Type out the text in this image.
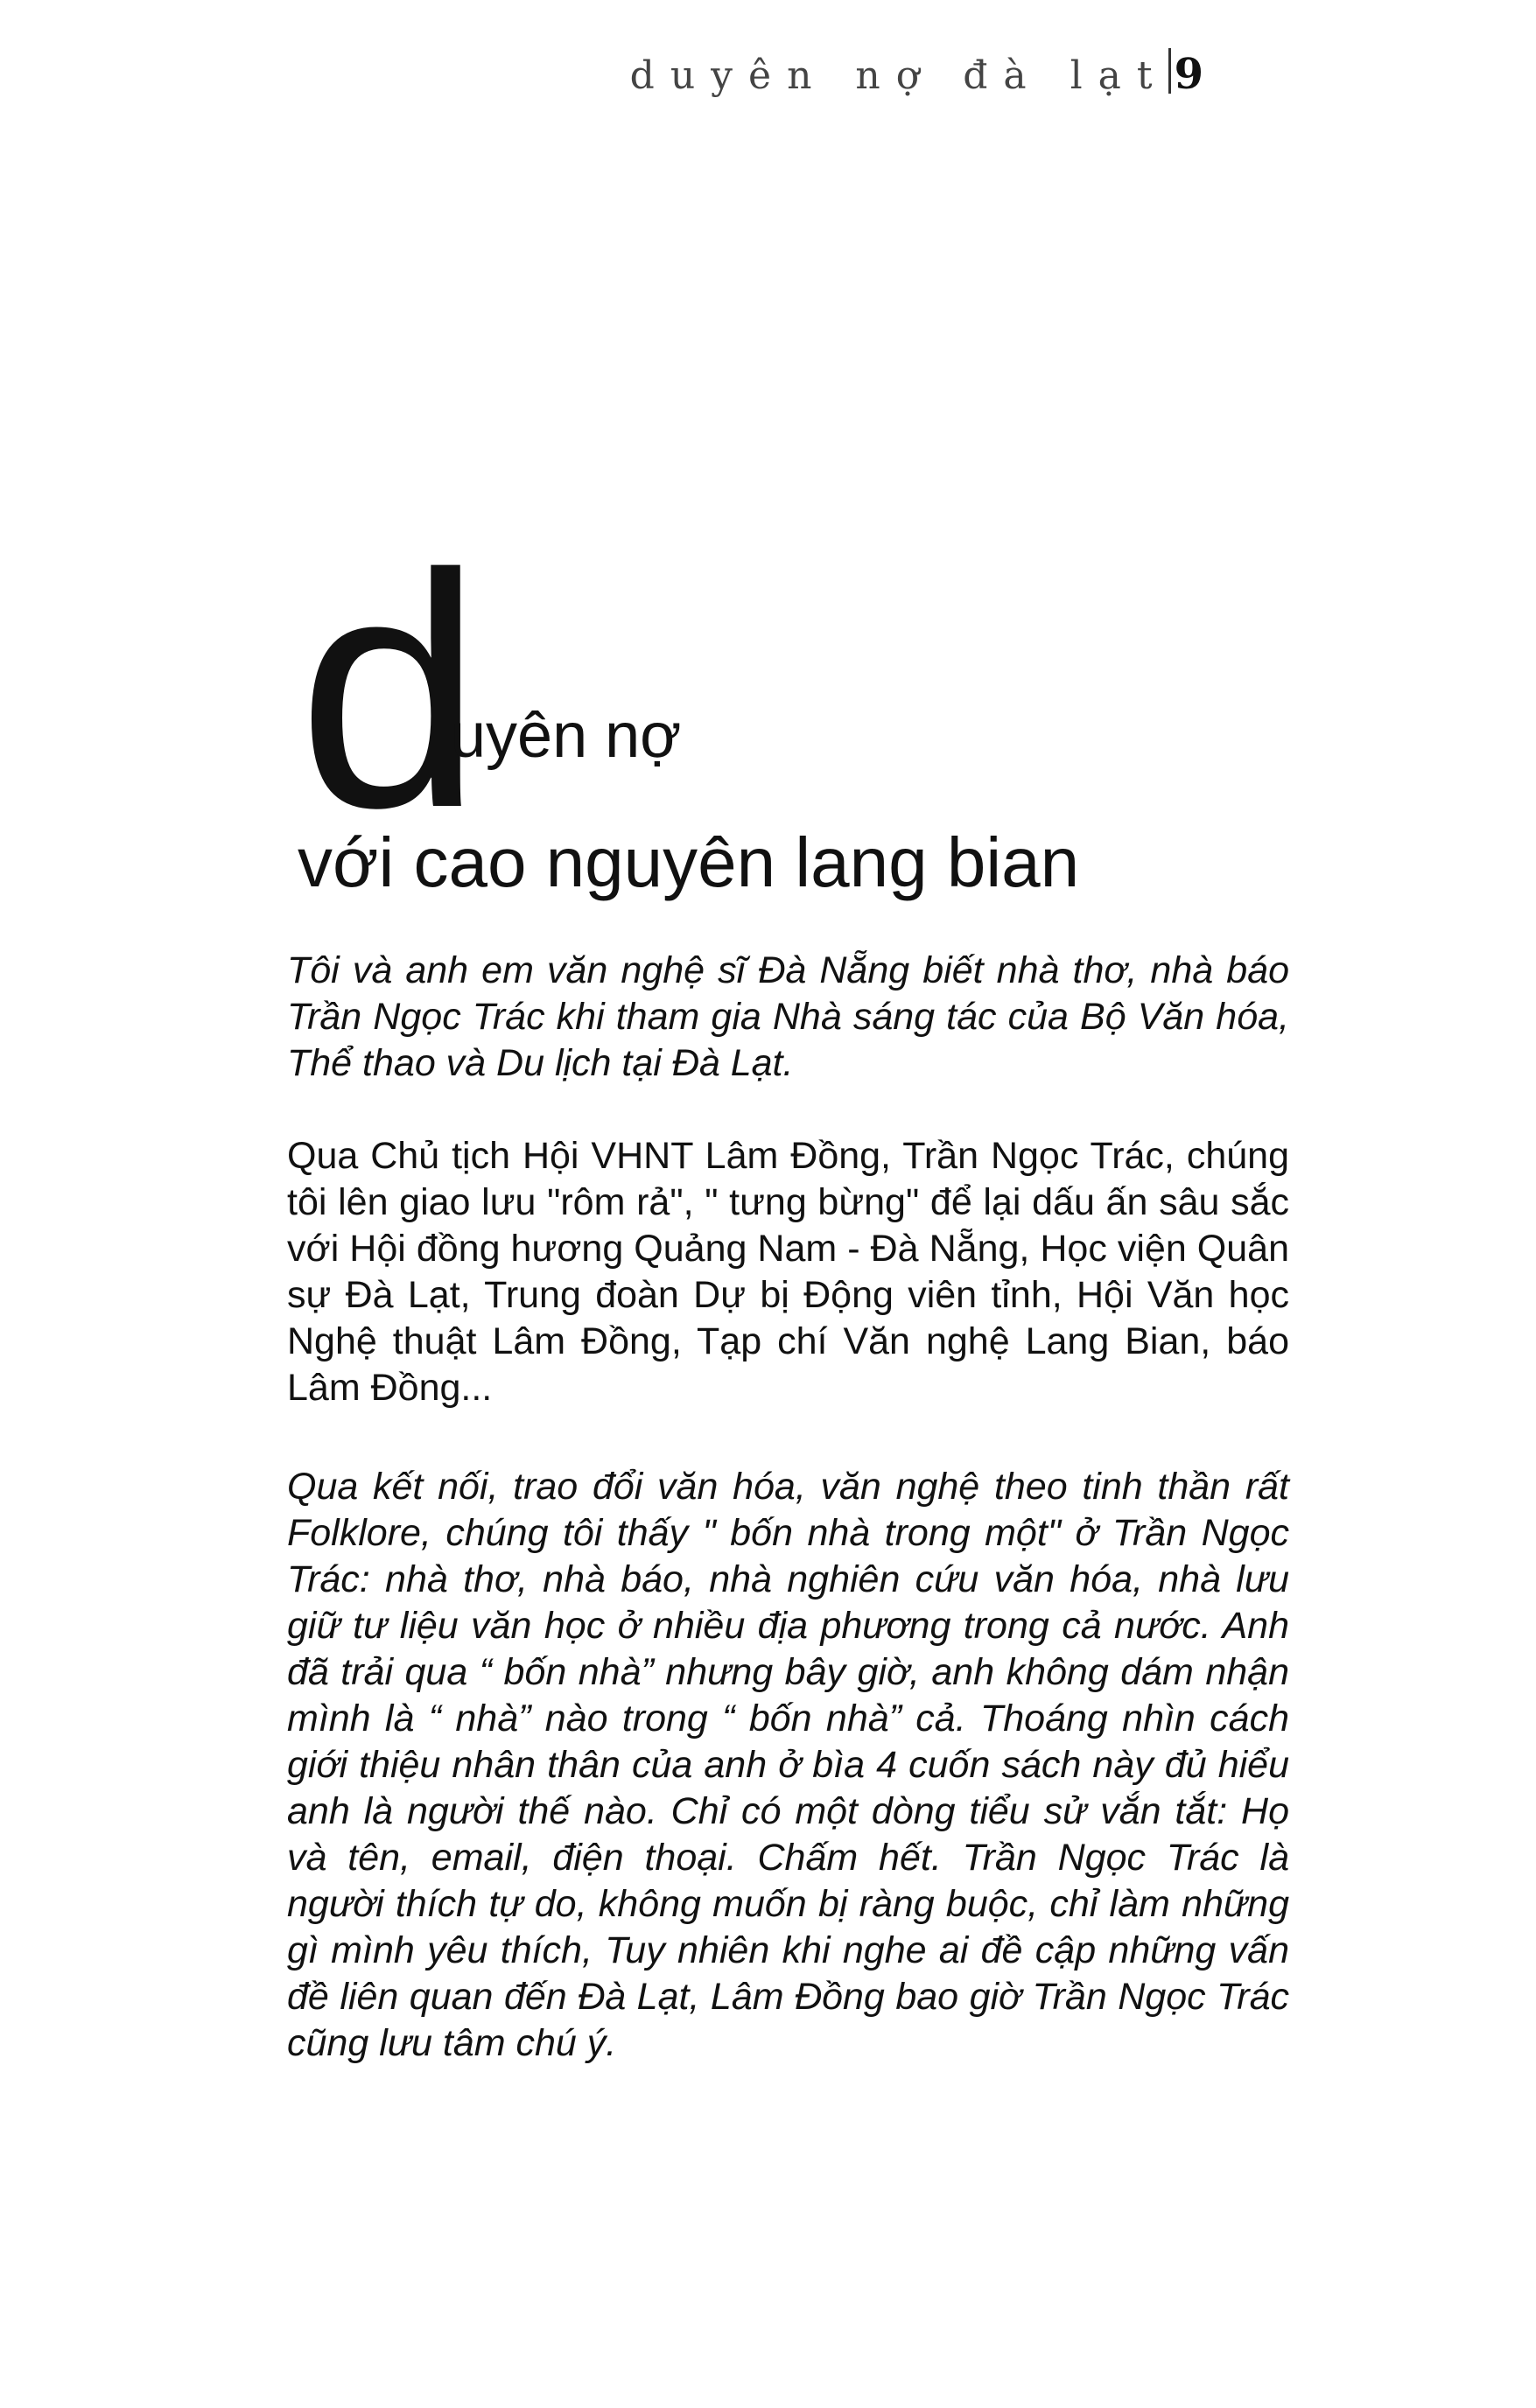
duyên nợ đà lạt 9
d
uyên nợ
với cao nguyên lang bian

Tôi và anh em văn nghệ sĩ Đà Nẵng biết nhà thơ, nhà báo Trần Ngọc Trác khi tham gia Nhà sáng tác của Bộ Văn hóa, Thể thao và Du lịch tại Đà Lạt.

Qua Chủ tịch Hội VHNT Lâm Đồng, Trần Ngọc Trác, chúng tôi lên giao lưu "rôm rả", " tưng bừng" để lại dấu ấn sâu sắc với Hội đồng hương Quảng Nam - Đà Nẵng, Học viện Quân sự Đà Lạt, Trung đoàn Dự bị Động viên tỉnh, Hội Văn học Nghệ thuật Lâm Đồng, Tạp chí Văn nghệ Lang Bian, báo Lâm Đồng...

Qua kết nối, trao đổi văn hóa, văn nghệ theo tinh thần rất Folklore, chúng tôi thấy " bốn nhà trong một" ở Trần Ngọc Trác: nhà thơ, nhà báo, nhà nghiên cứu văn hóa, nhà lưu giữ tư liệu văn học ở nhiều địa phương trong cả nước. Anh đã trải qua “ bốn nhà” nhưng bây giờ, anh không dám nhận mình là “ nhà” nào trong “ bốn nhà” cả. Thoáng nhìn cách giới thiệu nhân thân của anh ở bìa 4 cuốn sách này đủ hiểu anh là người thế nào. Chỉ có một dòng tiểu sử vắn tắt: Họ và tên, email, điện thoại. Chấm hết. Trần Ngọc Trác là người thích tự do, không muốn bị ràng buộc, chỉ làm những gì mình yêu thích, Tuy nhiên khi nghe ai đề cập những vấn đề liên quan đến Đà Lạt, Lâm Đồng bao giờ Trần Ngọc Trác cũng lưu tâm chú ý.
